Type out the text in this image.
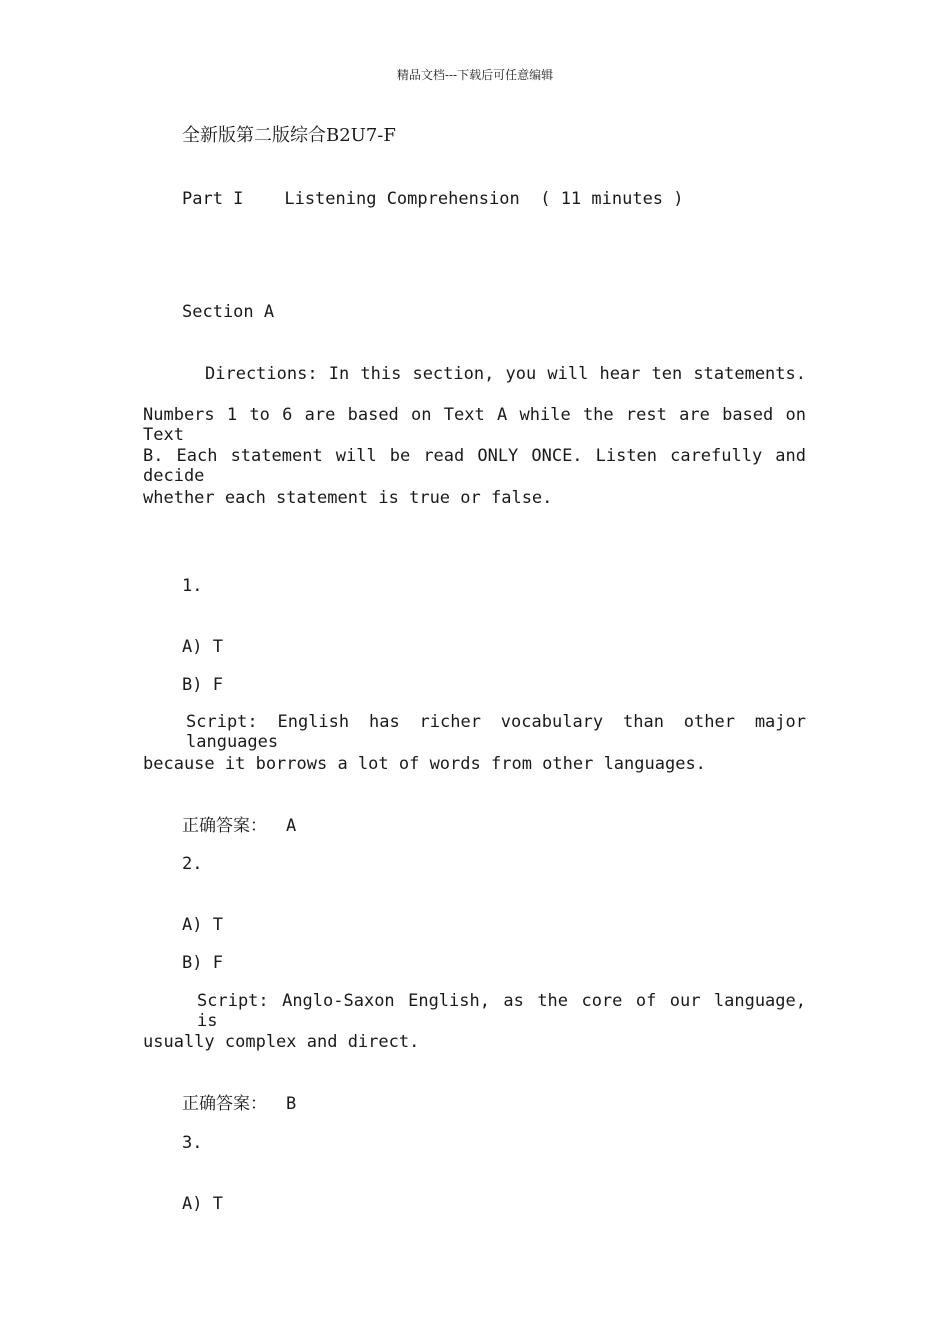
精品文档---下载后可任意编辑
全新版第二版综合B2U7-F
Part I    Listening Comprehension  ( 11 minutes )
Section A
Directions: In this section, you will hear ten statements.
Numbers 1 to 6 are based on Text A while the rest are based on Text
B. Each statement will be read ONLY ONCE. Listen carefully and decide
whether each statement is true or false.
1.
A) T
B) F
Script: English has richer vocabulary than other major languages
because it borrows a lot of words from other languages.
正确答案： A
2.
A) T
B) F
Script: Anglo-Saxon English, as the core of our language, is
usually complex and direct.
正确答案： B
3.
A) T
